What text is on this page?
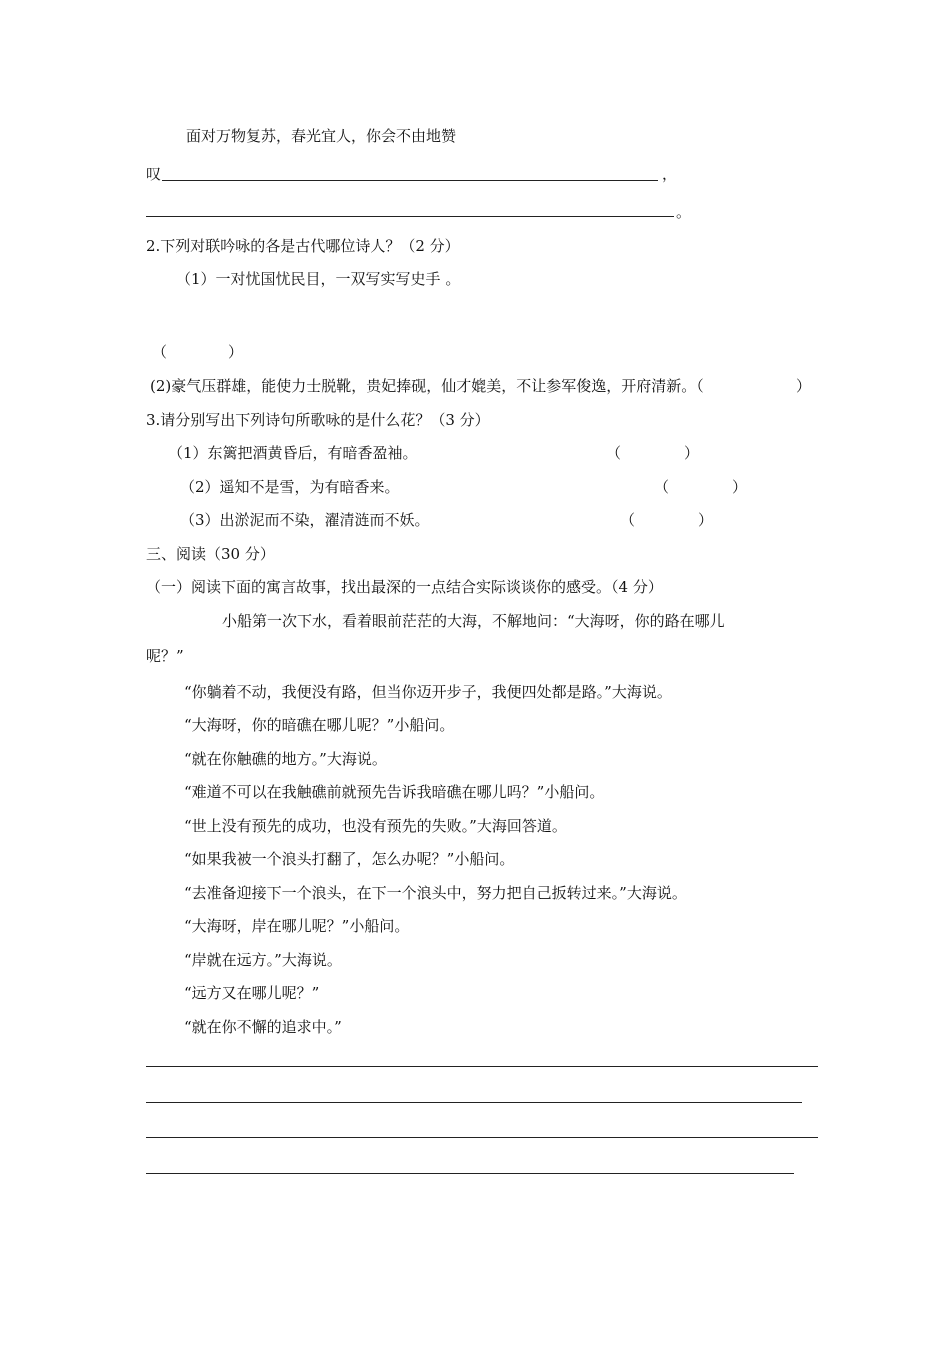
面对万物复苏，春光宜人，你会不由地赞
叹	，
。
2.下列对联吟咏的各是古代哪位诗人？（2 分）
（1）一对忧国忧民目，一双写实写史手 。
（	）
(2)豪气压群雄，能使力士脱靴，贵妃捧砚，仙才媲美，不让参军俊逸，开府清新。（	）
3.请分别写出下列诗句所歌咏的是什么花？（3 分）
（1）东篱把酒黄昏后，有暗香盈袖。	（	）
（2）遥知不是雪，为有暗香来。	（	）
（3）出淤泥而不染，濯清涟而不妖。	（	）
三、阅读（30 分）
（一）阅读下面的寓言故事，找出最深的一点结合实际谈谈你的感受。（4 分）
小船第一次下水，看着眼前茫茫的大海，不解地问：“大海呀，你的路在哪儿
呢？”
“你躺着不动，我便没有路，但当你迈开步子，我便四处都是路。”大海说。
“大海呀，你的暗礁在哪儿呢？”小船问。
“就在你触礁的地方。”大海说。
“难道不可以在我触礁前就预先告诉我暗礁在哪儿吗？”小船问。
“世上没有预先的成功，也没有预先的失败。”大海回答道。
“如果我被一个浪头打翻了，怎么办呢？”小船问。
“去准备迎接下一个浪头，在下一个浪头中，努力把自己扳转过来。”大海说。
“大海呀，岸在哪儿呢？”小船问。
“岸就在远方。”大海说。
“远方又在哪儿呢？”
“就在你不懈的追求中。”
